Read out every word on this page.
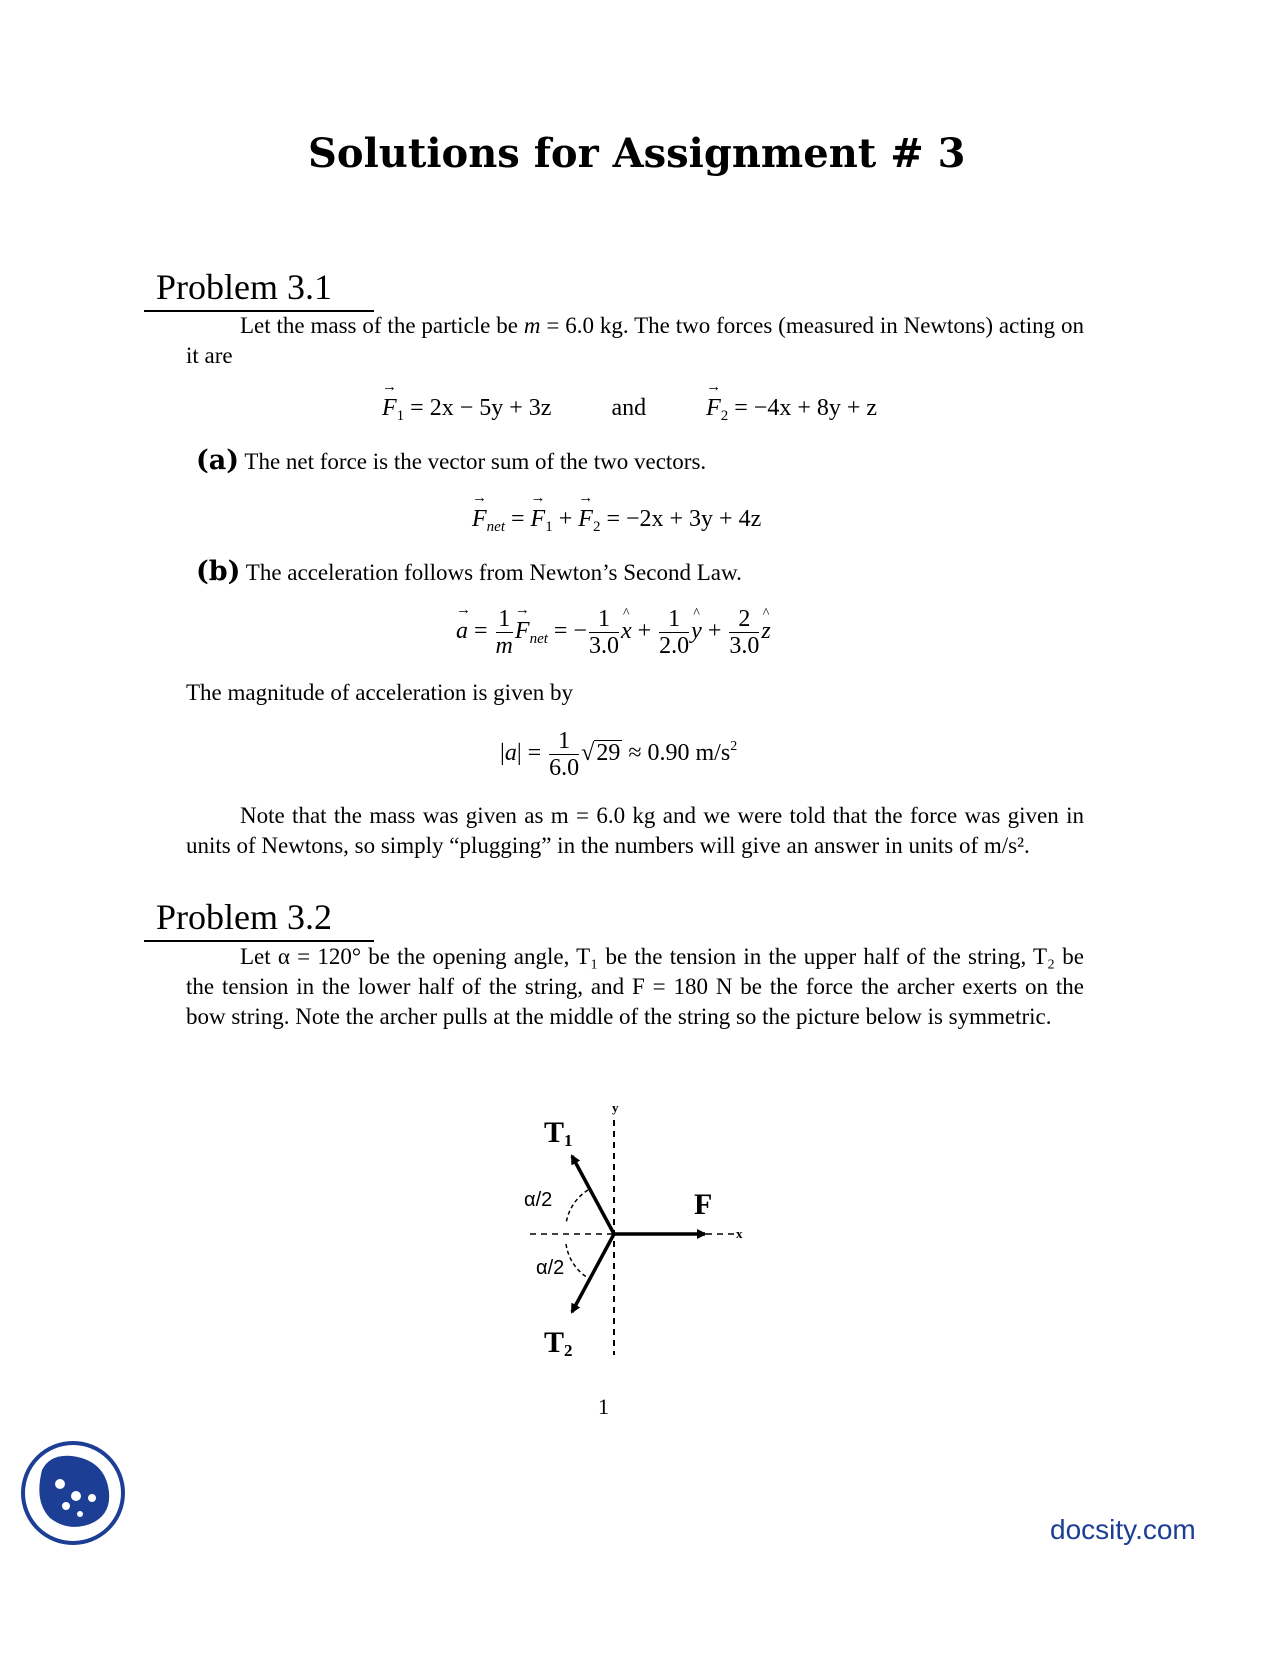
Solutions for Assignment # 3
Problem 3.1
Let the mass of the particle be m = 6.0 kg. The two forces (measured in Newtons) acting on it are
→ $F_1 = 2x - 5y + 3z$	and  →	$F_2 = -4x + 8y + z$
(a) The net force is the vector sum of the two vectors.
→ $F_{net}$ = → $F_1$ + → $F_2 = -2x + 3y + 4z$
(b) The acceleration follows from Newton’s Second Law.
→ $a = \frac{1}{m}$
→ $F_{net}$ = − $\frac{1}{3.0}$
^ $x + \frac{1}{2.0}$
^ $y + \frac{2}{3.0}$
^ z
The magnitude of acceleration is given by
$|a| = \frac{1}{6.0} √29 \approx 0.90$ $m/s^2$
Note that the mass was given as m = 6.0 kg and we were told that the force was given in units of Newtons, so simply “plugging” in the numbers will give an answer in units of m/s².
Problem 3.2
Let α = 120° be the opening angle, T₁ be the tension in the upper half of the string, T₂ be the tension in the lower half of the string, and F = 180 N be the force the archer exerts on the bow string. Note the archer pulls at the middle of the string so the picture below is symmetric.
T1
T2
F
y
x
α/2
α/2
1
docsity.com
